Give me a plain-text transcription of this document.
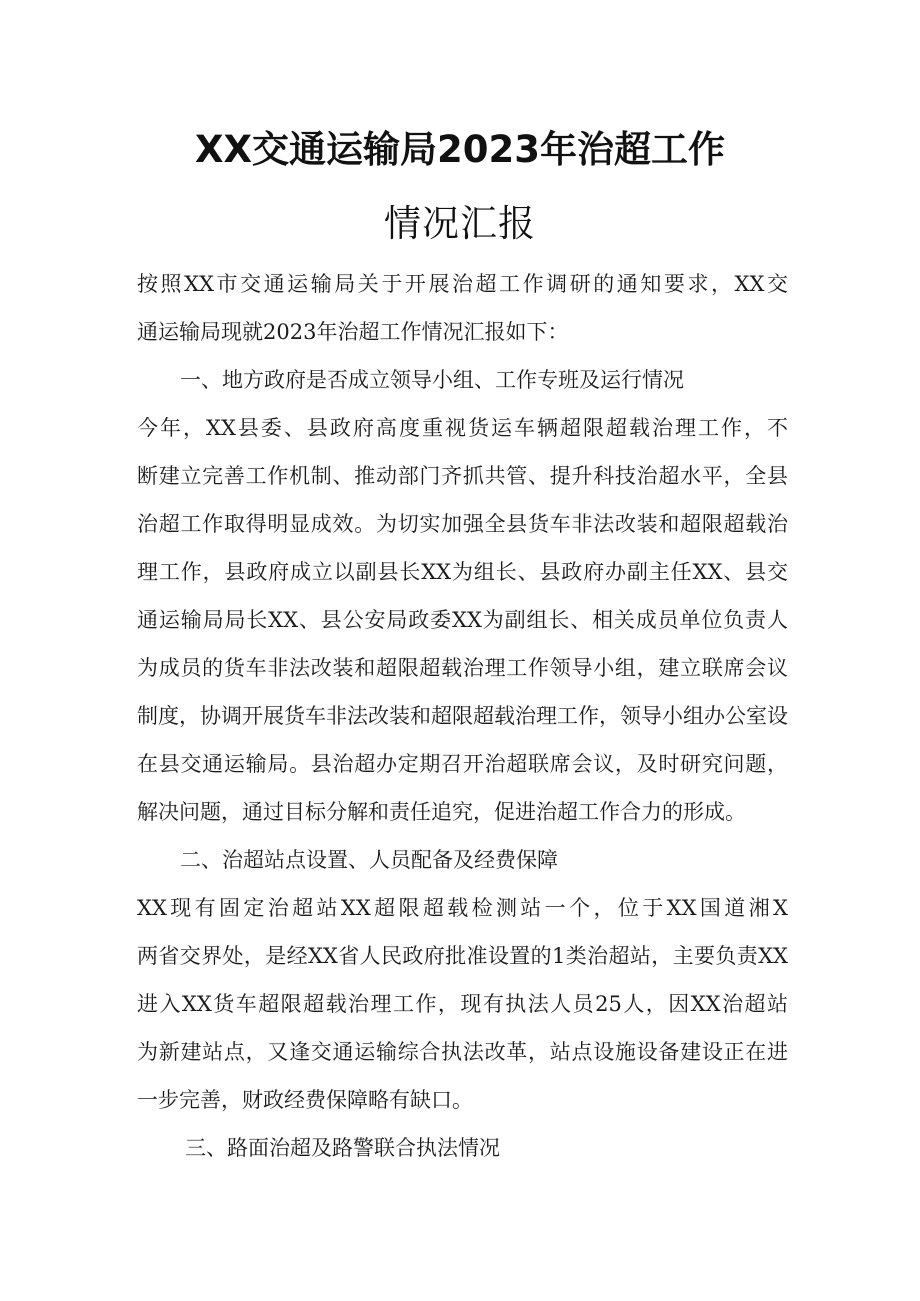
XX交通运输局2023年治超工作
情况汇报
按照XX市交通运输局关于开展治超工作调研的通知要求，XX交
通运输局现就2023年治超工作情况汇报如下：
一、地方政府是否成立领导小组、工作专班及运行情况
今年，XX县委、县政府高度重视货运车辆超限超载治理工作，不
断建立完善工作机制、推动部门齐抓共管、提升科技治超水平，全县
治超工作取得明显成效。为切实加强全县货车非法改装和超限超载治
理工作，县政府成立以副县长XX为组长、县政府办副主任XX、县交
通运输局局长XX、县公安局政委XX为副组长、相关成员单位负责人
为成员的货车非法改装和超限超载治理工作领导小组，建立联席会议
制度，协调开展货车非法改装和超限超载治理工作，领导小组办公室设
在县交通运输局。县治超办定期召开治超联席会议，及时研究问题，
解决问题，通过目标分解和责任追究，促进治超工作合力的形成。
二、治超站点设置、人员配备及经费保障
XX现有固定治超站XX超限超载检测站一个，位于XX国道湘X
两省交界处，是经XX省人民政府批准设置的1类治超站，主要负责XX
进入XX货车超限超载治理工作，现有执法人员25人，因XX治超站
为新建站点，又逢交通运输综合执法改革，站点设施设备建设正在进
一步完善，财政经费保障略有缺口。
三、路面治超及路警联合执法情况
